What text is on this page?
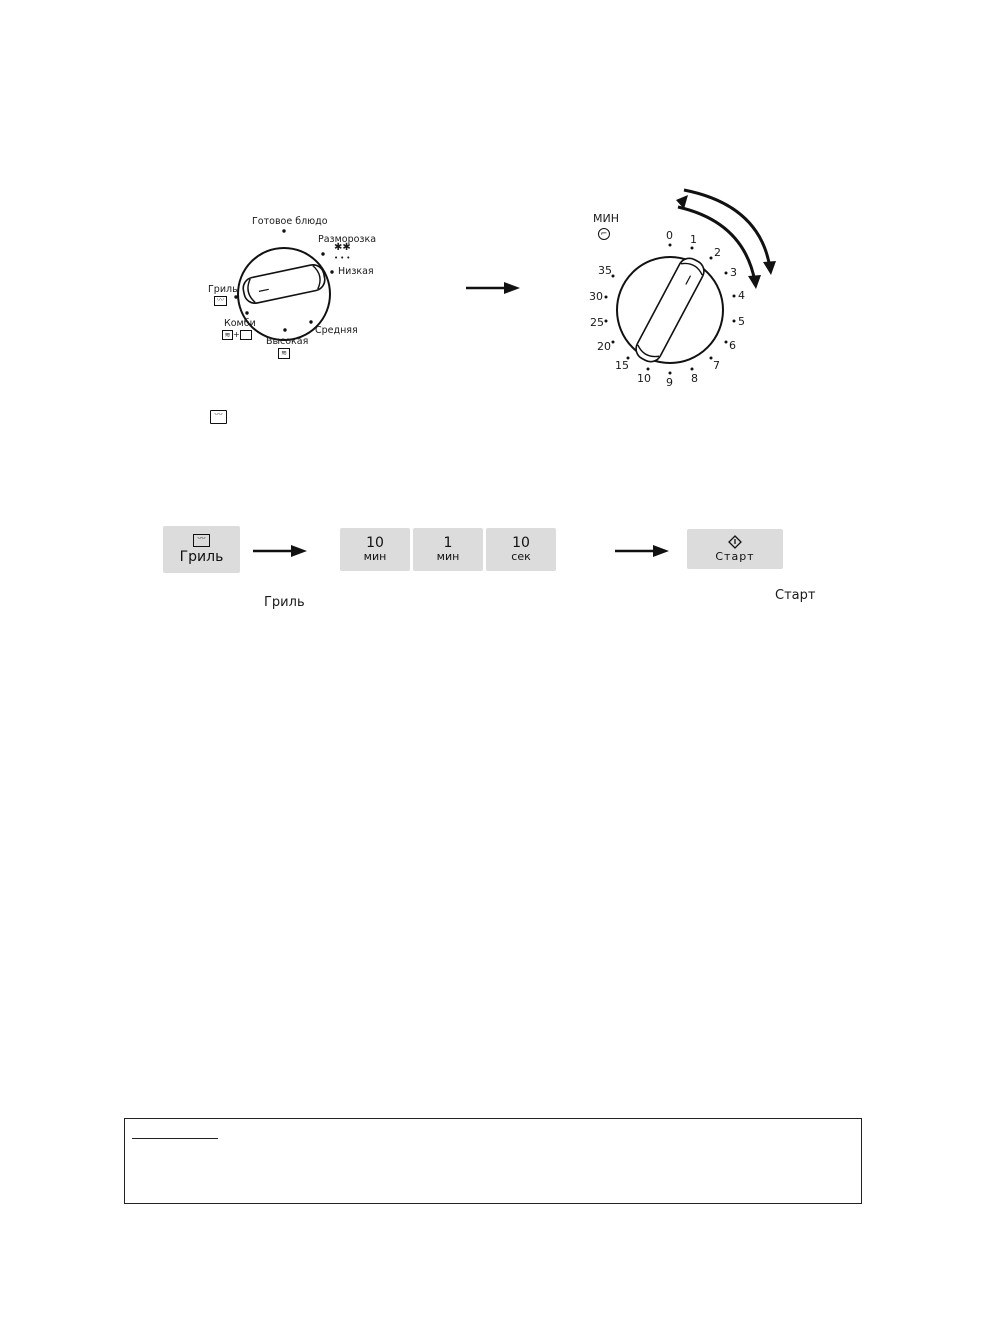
Готовое блюдо
Разморозка
✱✱
•••
Низкая
Средняя
Высокая
≋
Комби
≋ +
Гриль
〰
МИН
⌐	0 1
2
3
4
5
6
7
8
9
10
15
20
25
30
35
〰
〰
Гриль
10
мин
1
мин
10
сек	Старт
Гриль	Старт
